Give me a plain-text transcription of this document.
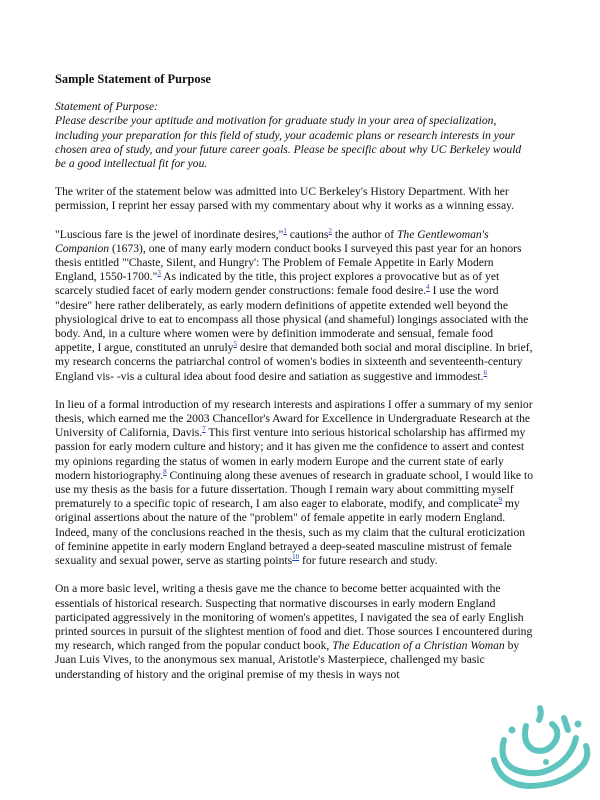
Sample Statement of Purpose
Statement of Purpose:
Please describe your aptitude and motivation for graduate study in your area of specialization, including your preparation for this field of study, your academic plans or research interests in your chosen area of study, and your future career goals. Please be specific about why UC Berkeley would be a good intellectual fit for you.

The writer of the statement below was admitted into UC Berkeley's History Department. With her permission, I reprint her essay parsed with my commentary about why it works as a winning essay.

"Luscious fare is the jewel of inordinate desires,"$^1$ cautions$^2$ the author of The Gentlewoman's Companion (1673), one of many early modern conduct books I surveyed this past year for an honors thesis entitled "'Chaste, Silent, and Hungry': The Problem of Female Appetite in Early Modern England, 1550-1700."$^3$ As indicated by the title, this project explores a provocative but as of yet scarcely studied facet of early modern gender constructions: female food desire.$^4$ I use the word "desire" here rather deliberately, as early modern definitions of appetite extended well beyond the physiological drive to eat to encompass all those physical (and shameful) longings associated with the body. And, in a culture where women were by definition immoderate and sensual, female food appetite, I argue, constituted an unruly$^5$ desire that demanded both social and moral discipline. In brief, my research concerns the patriarchal control of women's bodies in sixteenth and seventeenth-century England vis- -vis a cultural idea about food desire and satiation as suggestive and immodest.$^6$

In lieu of a formal introduction of my research interests and aspirations I offer a summary of my senior thesis, which earned me the 2003 Chancellor's Award for Excellence in Undergraduate Research at the University of California, Davis.$^7$ This first venture into serious historical scholarship has affirmed my passion for early modern culture and history; and it has given me the confidence to assert and contest my opinions regarding the status of women in early modern Europe and the current state of early modern historiography.$^8$ Continuing along these avenues of research in graduate school, I would like to use my thesis as the basis for a future dissertation. Though I remain wary about committing myself prematurely to a specific topic of research, I am also eager to elaborate, modify, and complicate$^9$ my original assertions about the nature of the "problem" of female appetite in early modern England. Indeed, many of the conclusions reached in the thesis, such as my claim that the cultural eroticization of feminine appetite in early modern England betrayed a deep-seated masculine mistrust of female sexuality and sexual power, serve as starting points$^{10}$ for future research and study.

On a more basic level, writing a thesis gave me the chance to become better acquainted with the essentials of historical research. Suspecting that normative discourses in early modern England participated aggressively in the monitoring of women's appetites, I navigated the sea of early English printed sources in pursuit of the slightest mention of food and diet. Those sources I encountered during my research, which ranged from the popular conduct book, The Education of a Christian Woman by Juan Luis Vives, to the anonymous sex manual, Aristotle's Masterpiece, challenged my basic understanding of history and the original premise of my thesis in ways not
